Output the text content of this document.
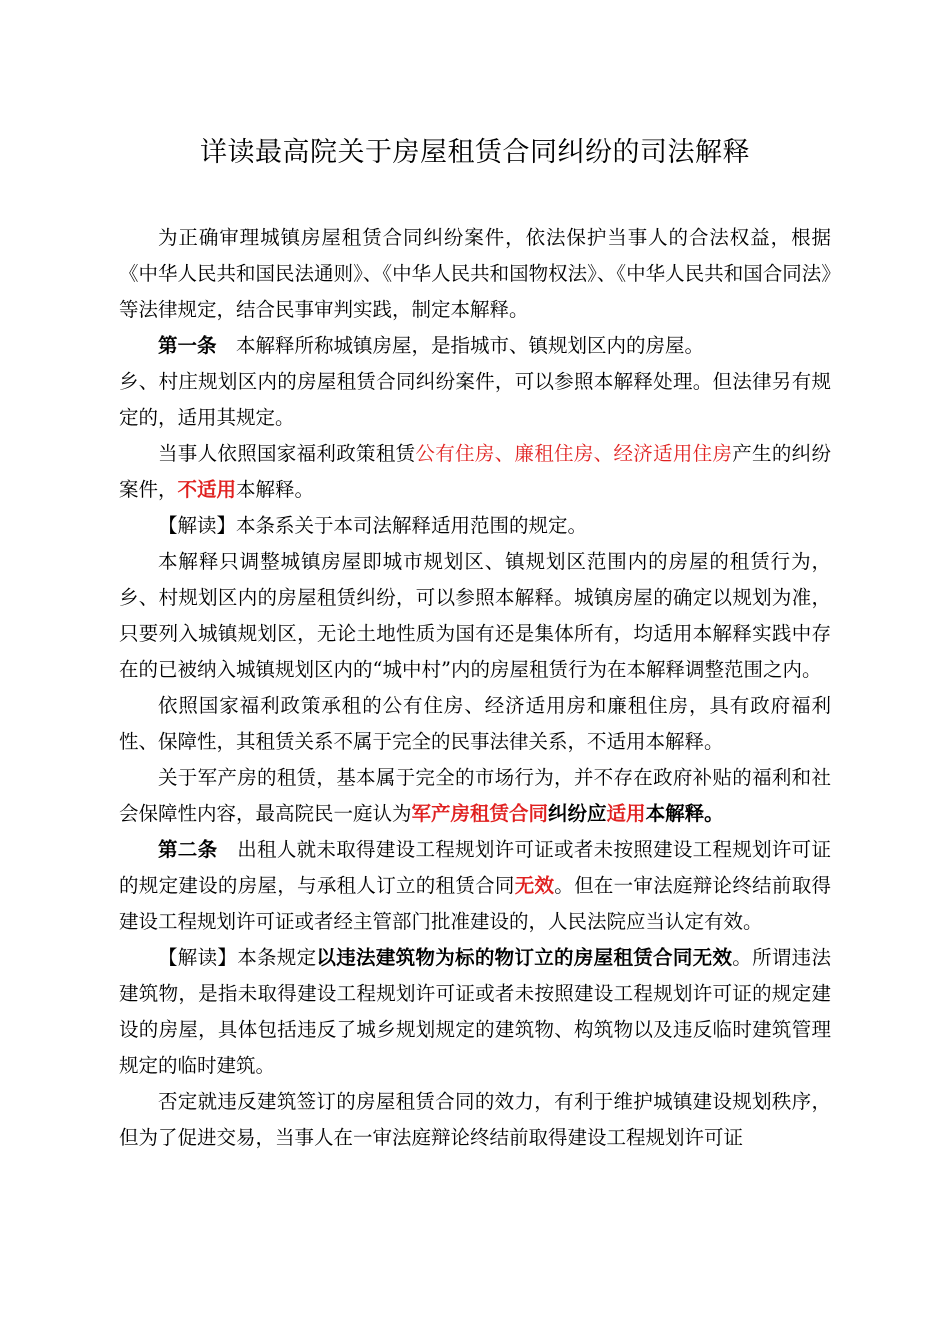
详读最高院关于房屋租赁合同纠纷的司法解释

为正确审理城镇房屋租赁合同纠纷案件，依法保护当事人的合法权益，根据《中华人民共和国民法通则》、《中华人民共和国物权法》、《中华人民共和国合同法》等法律规定，结合民事审判实践，制定本解释。

第一条　本解释所称城镇房屋，是指城市、镇规划区内的房屋。

乡、村庄规划区内的房屋租赁合同纠纷案件，可以参照本解释处理。但法律另有规定的，适用其规定。

当事人依照国家福利政策租赁公有住房、廉租住房、经济适用住房产生的纠纷案件，不适用本解释。

【解读】本条系关于本司法解释适用范围的规定。

本解释只调整城镇房屋即城市规划区、镇规划区范围内的房屋的租赁行为，乡、村规划区内的房屋租赁纠纷，可以参照本解释。城镇房屋的确定以规划为准，只要列入城镇规划区，无论土地性质为国有还是集体所有，均适用本解释实践中存在的已被纳入城镇规划区内的“城中村”内的房屋租赁行为在本解释调整范围之内。

依照国家福利政策承租的公有住房、经济适用房和廉租住房，具有政府福利性、保障性，其租赁关系不属于完全的民事法律关系，不适用本解释。

关于军产房的租赁，基本属于完全的市场行为，并不存在政府补贴的福利和社会保障性内容，最高院民一庭认为军产房租赁合同纠纷应适用本解释。

第二条　出租人就未取得建设工程规划许可证或者未按照建设工程规划许可证的规定建设的房屋，与承租人订立的租赁合同无效。但在一审法庭辩论终结前取得建设工程规划许可证或者经主管部门批准建设的，人民法院应当认定有效。

【解读】本条规定以违法建筑物为标的物订立的房屋租赁合同无效。所谓违法建筑物，是指未取得建设工程规划许可证或者未按照建设工程规划许可证的规定建设的房屋，具体包括违反了城乡规划规定的建筑物、构筑物以及违反临时建筑管理规定的临时建筑。

否定就违反建筑签订的房屋租赁合同的效力，有利于维护城镇建设规划秩序，但为了促进交易，当事人在一审法庭辩论终结前取得建设工程规划许可证
